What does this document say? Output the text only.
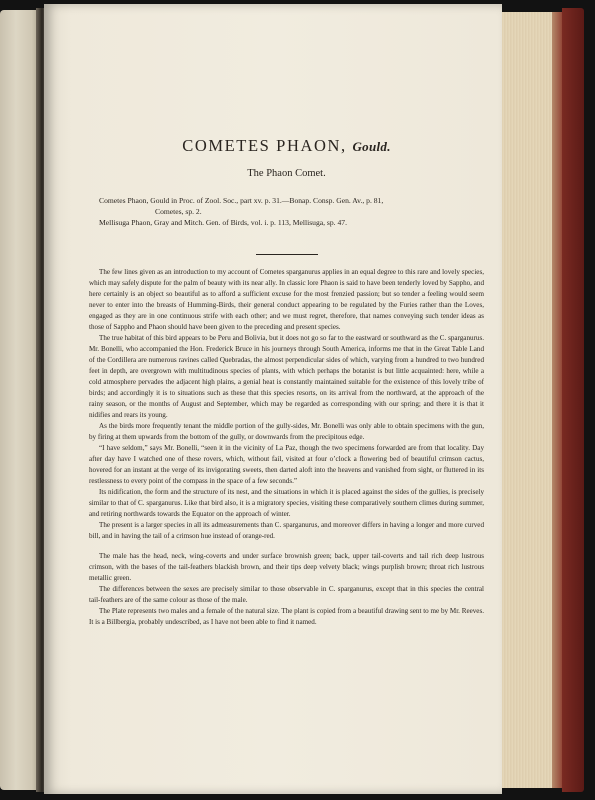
COMETES PHAON, Gould.
The Phaon Comet.
Cometes Phaon, Gould in Proc. of Zool. Soc., part xv. p. 31.—Bonap. Consp. Gen. Av., p. 81,
Cometes, sp. 2.
Mellisuga Phaon, Gray and Mitch. Gen. of Birds, vol. i. p. 113, Mellisuga, sp. 47.

The few lines given as an introduction to my account of Cometes sparganurus applies in an equal degree to this rare and lovely species, which may safely dispute for the palm of beauty with its near ally. In classic lore Phaon is said to have been tenderly loved by Sappho, and here certainly is an object so beautiful as to afford a sufficient excuse for the most frenzied passion; but so tender a feeling would seem never to enter into the breasts of Humming-Birds, their general conduct appearing to be regulated by the Furies rather than the Loves, engaged as they are in one continuous strife with each other; and we must regret, therefore, that names conveying such tender ideas as those of Sappho and Phaon should have been given to the preceding and present species.

The true habitat of this bird appears to be Peru and Bolivia, but it does not go so far to the eastward or southward as the C. sparganurus. Mr. Bonelli, who accompanied the Hon. Frederick Bruce in his journeys through South America, informs me that in the Great Table Land of the Cordillera are numerous ravines called Quebradas, the almost perpendicular sides of which, varying from a hundred to two hundred feet in depth, are overgrown with multitudinous species of plants, with which perhaps the botanist is but little acquainted: here, while a cold atmosphere pervades the adjacent high plains, a genial heat is constantly maintained suitable for the existence of this lovely tribe of birds; and accordingly it is to situations such as these that this species resorts, on its arrival from the northward, at the approach of the rainy season, or the months of August and September, which may be regarded as corresponding with our spring; and there it is that it nidifies and rears its young.

As the birds more frequently tenant the middle portion of the gully-sides, Mr. Bonelli was only able to obtain specimens with the gun, by firing at them upwards from the bottom of the gully, or downwards from the precipitous edge.

“I have seldom,” says Mr. Bonelli, “seen it in the vicinity of La Paz, though the two specimens forwarded are from that locality. Day after day have I watched one of these rovers, which, without fail, visited at four o’clock a flowering bed of beautiful crimson cactus, hovered for an instant at the verge of its invigorating sweets, then darted aloft into the heavens and vanished from sight, or fluttered in its restlessness to every point of the compass in the space of a few seconds.”

Its nidification, the form and the structure of its nest, and the situations in which it is placed against the sides of the gullies, is precisely similar to that of C. sparganurus. Like that bird also, it is a migratory species, visiting these comparatively southern climes during summer, and retiring northwards towards the Equator on the approach of winter.

The present is a larger species in all its admeasurements than C. sparganurus, and moreover differs in having a longer and more curved bill, and in having the tail of a crimson hue instead of orange-red.

The male has the head, neck, wing-coverts and under surface brownish green; back, upper tail-coverts and tail rich deep lustrous crimson, with the bases of the tail-feathers blackish brown, and their tips deep velvety black; wings purplish brown; throat rich lustrous metallic green.

The differences between the sexes are precisely similar to those observable in C. sparganurus, except that in this species the central tail-feathers are of the same colour as those of the male.

The Plate represents two males and a female of the natural size. The plant is copied from a beautiful drawing sent to me by Mr. Reeves. It is a Billbergia, probably undescribed, as I have not been able to find it named.
